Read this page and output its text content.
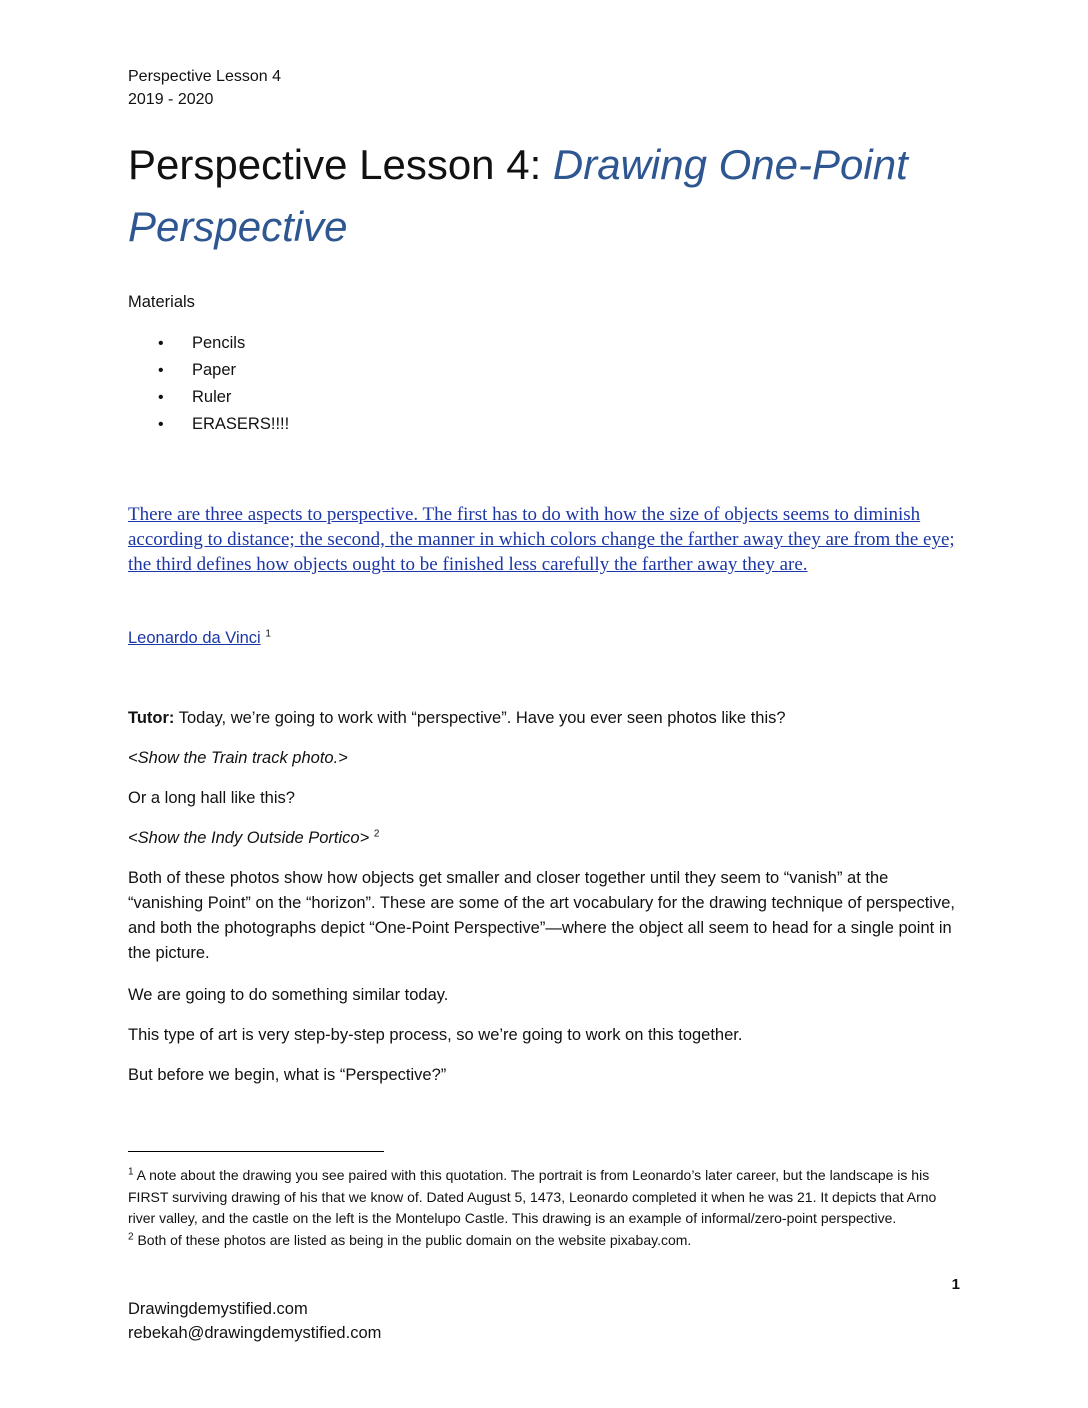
Perspective Lesson 4
2019 - 2020
Perspective Lesson 4: Drawing One-Point Perspective
Materials
• Pencils
• Paper
• Ruler
• ERASERS!!!!
There are three aspects to perspective. The first has to do with how the size of objects seems to diminish according to distance; the second, the manner in which colors change the farther away they are from the eye; the third defines how objects ought to be finished less carefully the farther away they are.
Leonardo da Vinci $^1$
Tutor: Today, we’re going to work with “perspective”. Have you ever seen photos like this?
<Show the Train track photo.>
Or a long hall like this?
<Show the Indy Outside Portico> $^2$
Both of these photos show how objects get smaller and closer together until they seem to “vanish” at the “vanishing Point” on the “horizon”. These are some of the art vocabulary for the drawing technique of perspective, and both the photographs depict “One-Point Perspective”—where the object all seem to head for a single point in the picture.
We are going to do something similar today.
This type of art is very step-by-step process, so we’re going to work on this together.
But before we begin, what is “Perspective?”
$^1$ A note about the drawing you see paired with this quotation. The portrait is from Leonardo’s later career, but the landscape is his FIRST surviving drawing of his that we know of. Dated August 5, 1473, Leonardo completed it when he was 21. It depicts that Arno river valley, and the castle on the left is the Montelupo Castle. This drawing is an example of informal/zero-point perspective.
$^2$ Both of these photos are listed as being in the public domain on the website pixabay.com.
1
Drawingdemystified.com
rebekah@drawingdemystified.com
